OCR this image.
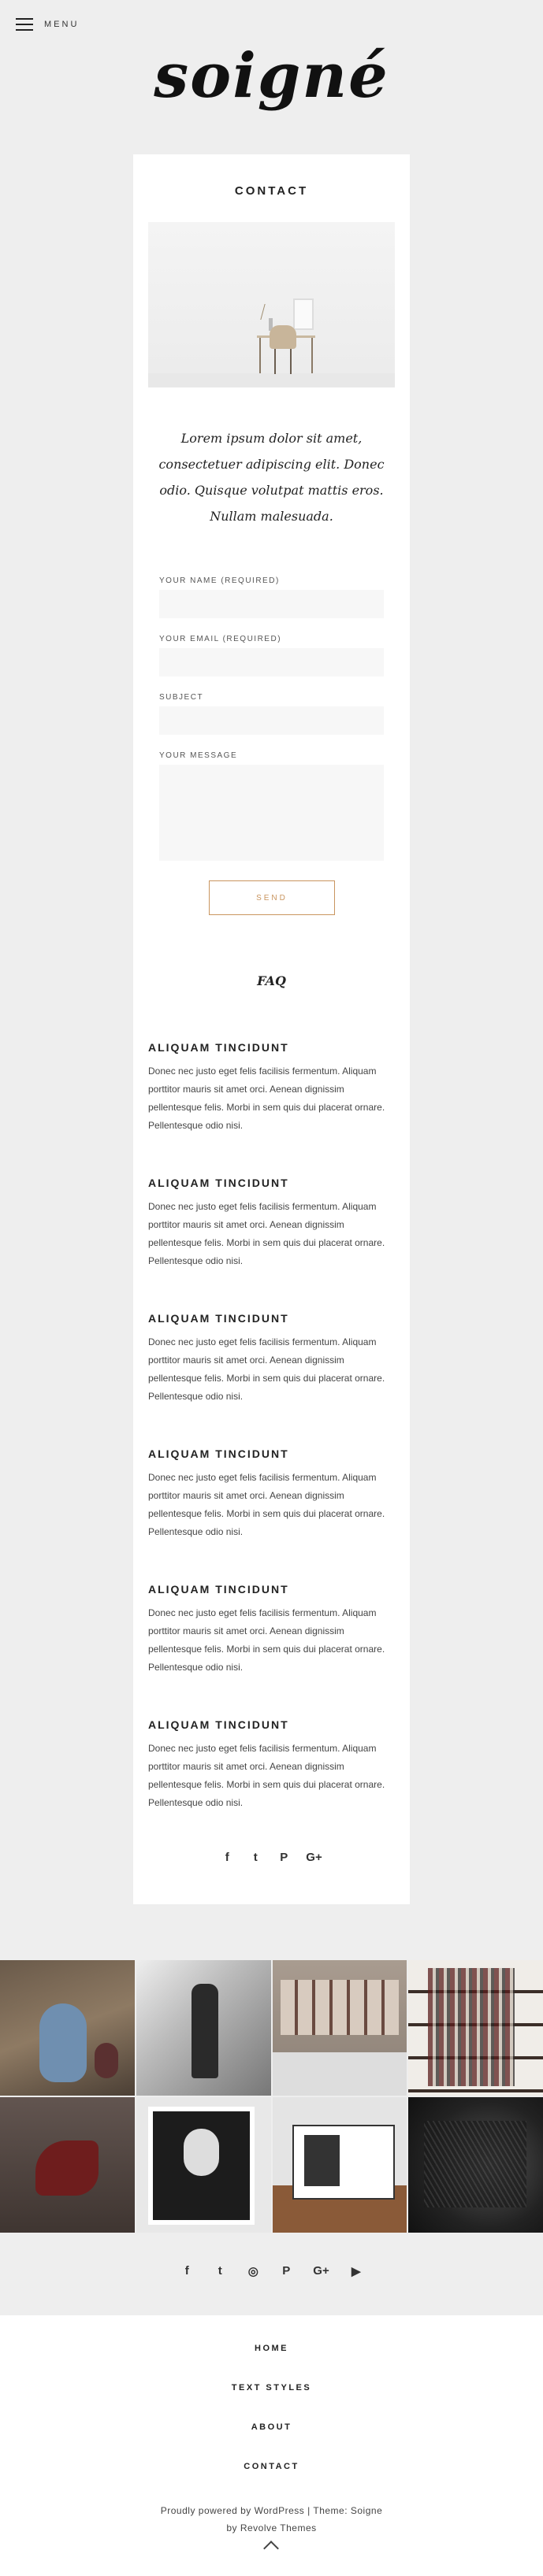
MENU
soigné
CONTACT

Lorem ipsum dolor sit amet, consectetuer adipiscing elit. Donec odio. Quisque volutpat mattis eros. Nullam malesuada.

YOUR NAME (REQUIRED)
YOUR EMAIL (REQUIRED)
SUBJECT
YOUR MESSAGE
SEND
FAQ
ALIQUAM TINCIDUNT

Donec nec justo eget felis facilisis fermentum. Aliquam porttitor mauris sit amet orci. Aenean dignissim pellentesque felis. Morbi in sem quis dui placerat ornare. Pellentesque odio nisi.

ALIQUAM TINCIDUNT

Donec nec justo eget felis facilisis fermentum. Aliquam porttitor mauris sit amet orci. Aenean dignissim pellentesque felis. Morbi in sem quis dui placerat ornare. Pellentesque odio nisi.

ALIQUAM TINCIDUNT

Donec nec justo eget felis facilisis fermentum. Aliquam porttitor mauris sit amet orci. Aenean dignissim pellentesque felis. Morbi in sem quis dui placerat ornare. Pellentesque odio nisi.

ALIQUAM TINCIDUNT

Donec nec justo eget felis facilisis fermentum. Aliquam porttitor mauris sit amet orci. Aenean dignissim pellentesque felis. Morbi in sem quis dui placerat ornare. Pellentesque odio nisi.

ALIQUAM TINCIDUNT

Donec nec justo eget felis facilisis fermentum. Aliquam porttitor mauris sit amet orci. Aenean dignissim pellentesque felis. Morbi in sem quis dui placerat ornare. Pellentesque odio nisi.

ALIQUAM TINCIDUNT

Donec nec justo eget felis facilisis fermentum. Aliquam porttitor mauris sit amet orci. Aenean dignissim pellentesque felis. Morbi in sem quis dui placerat ornare. Pellentesque odio nisi.

f	t	P G+
f	t	◎ P G+ ▶
HOME
TEXT STYLES
ABOUT
CONTACT
Proudly powered by WordPress | Theme: Soigne
by Revolve Themes
